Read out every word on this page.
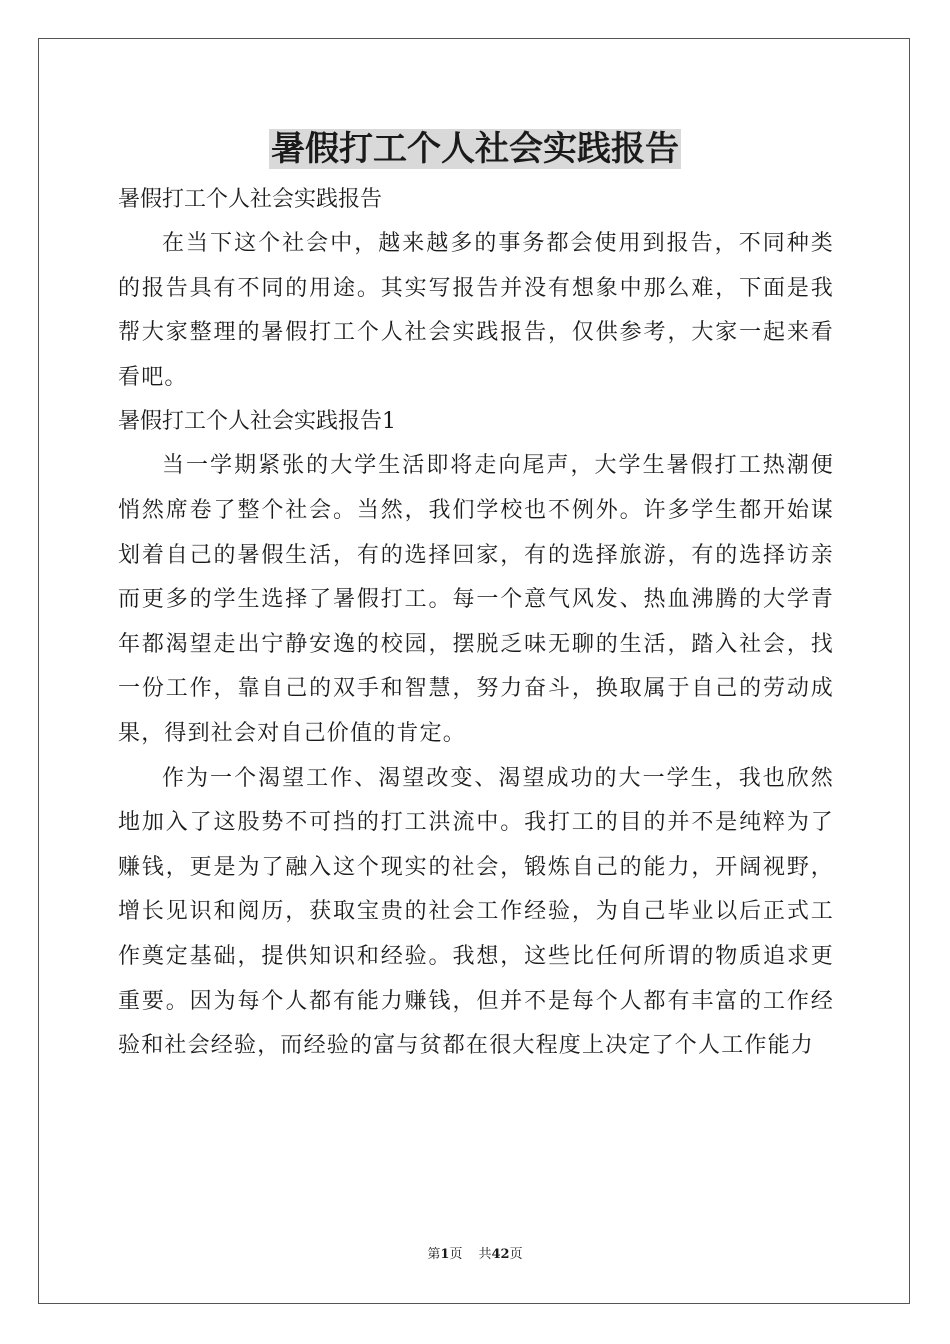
暑假打工个人社会实践报告

暑假打工个人社会实践报告

在当下这个社会中，越来越多的事务都会使用到报告，不同种类的报告具有不同的用途。其实写报告并没有想象中那么难，下面是我帮大家整理的暑假打工个人社会实践报告，仅供参考，大家一起来看看吧。

暑假打工个人社会实践报告1

当一学期紧张的大学生活即将走向尾声，大学生暑假打工热潮便悄然席卷了整个社会。当然，我们学校也不例外。许多学生都开始谋划着自己的暑假生活，有的选择回家，有的选择旅游，有的选择访亲而更多的学生选择了暑假打工。每一个意气风发、热血沸腾的大学青年都渴望走出宁静安逸的校园，摆脱乏味无聊的生活，踏入社会，找一份工作，靠自己的双手和智慧，努力奋斗，换取属于自己的劳动成果，得到社会对自己价值的肯定。

作为一个渴望工作、渴望改变、渴望成功的大一学生，我也欣然地加入了这股势不可挡的打工洪流中。我打工的目的并不是纯粹为了赚钱，更是为了融入这个现实的社会，锻炼自己的能力，开阔视野，增长见识和阅历，获取宝贵的社会工作经验，为自己毕业以后正式工作奠定基础，提供知识和经验。我想，这些比任何所谓的物质追求更重要。因为每个人都有能力赚钱，但并不是每个人都有丰富的工作经验和社会经验，而经验的富与贫都在很大程度上决定了个人工作能力

第1页 共42页
